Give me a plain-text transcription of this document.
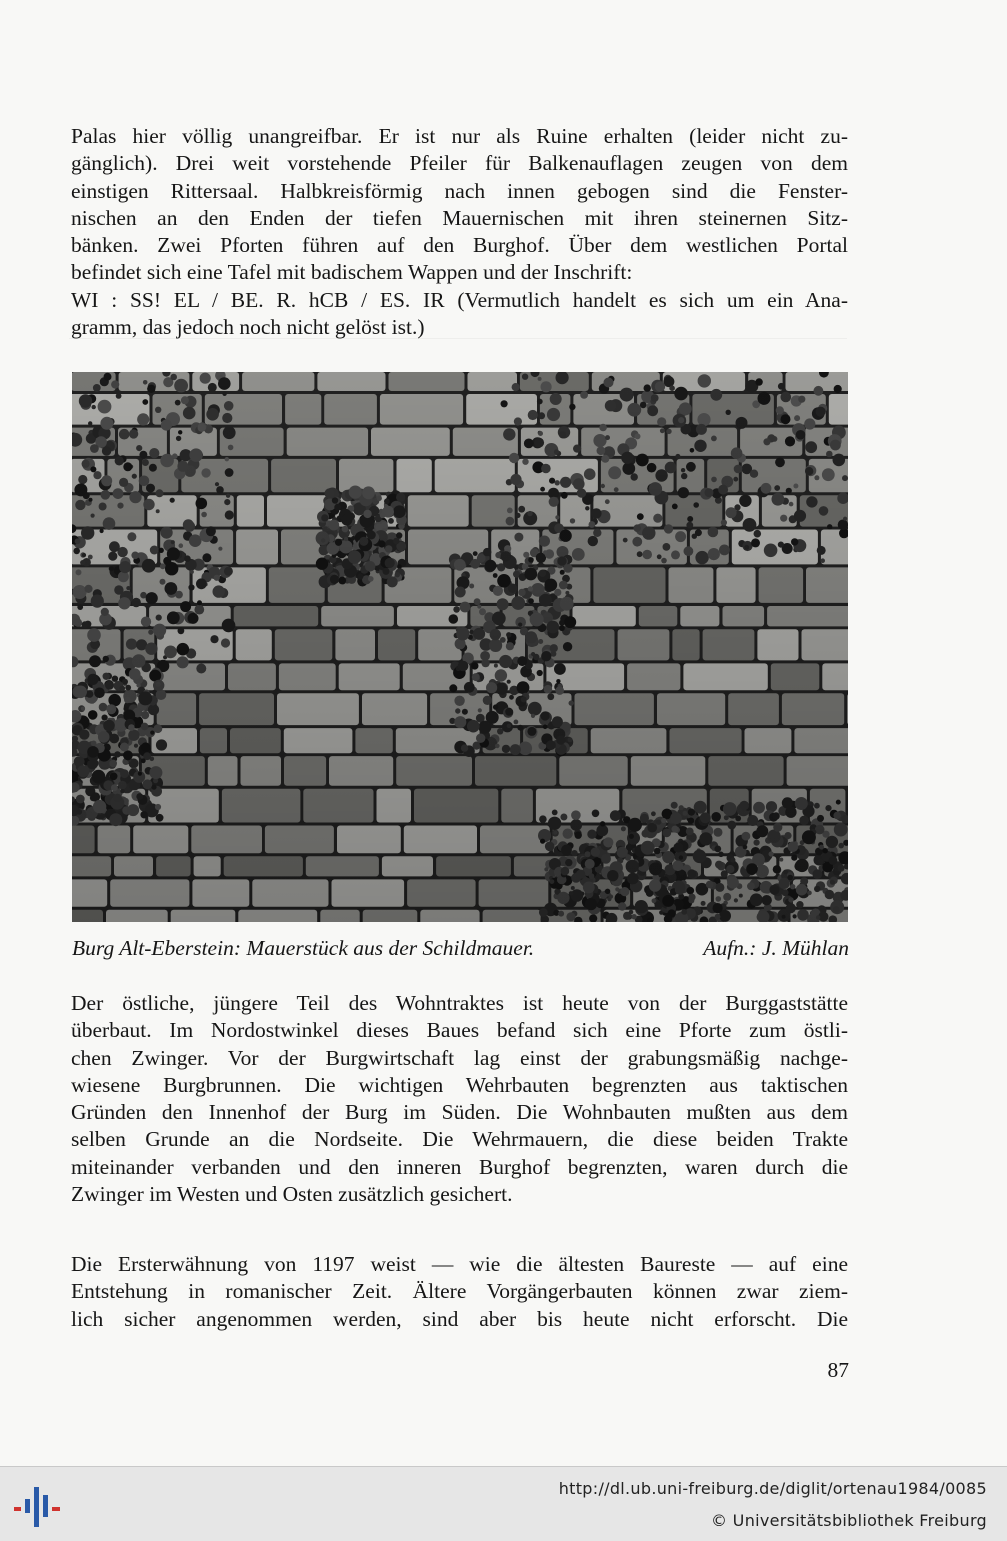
Palas hier völlig unangreifbar. Er ist nur als Ruine erhalten (leider nicht zu-
gänglich). Drei weit vorstehende Pfeiler für Balkenauflagen zeugen von dem
einstigen Rittersaal. Halbkreisförmig nach innen gebogen sind die Fenster-
nischen an den Enden der tiefen Mauernischen mit ihren steinernen Sitz-
bänken. Zwei Pforten führen auf den Burghof. Über dem westlichen Portal
befindet sich eine Tafel mit badischem Wappen und der Inschrift:
WI : SS! EL / BE. R. hCB / ES. IR (Vermutlich handelt es sich um ein Ana-
gramm, das jedoch noch nicht gelöst ist.)

Burg Alt-Eberstein: Mauerstück aus der Schildmauer.	Aufn.: J. Mühlan

Der östliche, jüngere Teil des Wohntraktes ist heute von der Burggaststätte
überbaut. Im Nordostwinkel dieses Baues befand sich eine Pforte zum östli-
chen Zwinger. Vor der Burgwirtschaft lag einst der grabungsmäßig nachge-
wiesene Burgbrunnen. Die wichtigen Wehrbauten begrenzten aus taktischen
Gründen den Innenhof der Burg im Süden. Die Wohnbauten mußten aus dem
selben Grunde an die Nordseite. Die Wehrmauern, die diese beiden Trakte
miteinander verbanden und den inneren Burghof begrenzten, waren durch die
Zwinger im Westen und Osten zusätzlich gesichert.

Die Ersterwähnung von 1197 weist — wie die ältesten Baureste — auf eine
Entstehung in romanischer Zeit. Ältere Vorgängerbauten können zwar ziem-
lich sicher angenommen werden, sind aber bis heute nicht erforscht. Die

87
http://dl.ub.uni-freiburg.de/diglit/ortenau1984/0085
© Universitätsbibliothek Freiburg
